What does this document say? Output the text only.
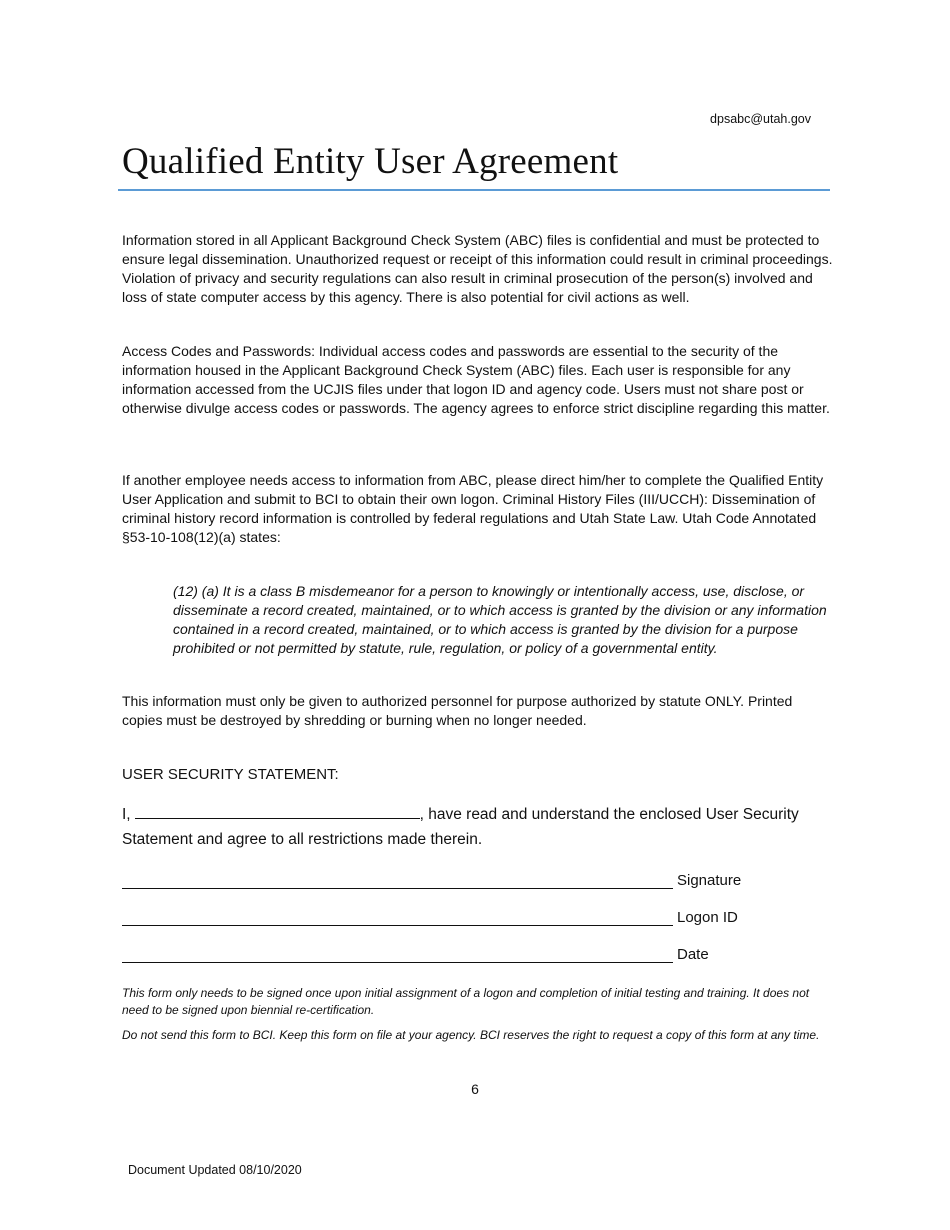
dpsabc@utah.gov
Qualified Entity User Agreement

Information stored in all Applicant Background Check System (ABC) files is confidential and must be protected to ensure legal dissemination. Unauthorized request or receipt of this information could result in criminal proceedings. Violation of privacy and security regulations can also result in criminal prosecution of the person(s) involved and loss of state computer access by this agency. There is also potential for civil actions as well.

Access Codes and Passwords: Individual access codes and passwords are essential to the security of the information housed in the Applicant Background Check System (ABC) files. Each user is responsible for any information accessed from the UCJIS files under that logon ID and agency code. Users must not share post or otherwise divulge access codes or passwords. The agency agrees to enforce strict discipline regarding this matter.

If another employee needs access to information from ABC, please direct him/her to complete the Qualified Entity User Application and submit to BCI to obtain their own logon. Criminal History Files (III/UCCH): Dissemination of criminal history record information is controlled by federal regulations and Utah State Law. Utah Code Annotated §53-10-108(12)(a) states:

(12) (a) It is a class B misdemeanor for a person to knowingly or intentionally access, use, disclose, or disseminate a record created, maintained, or to which access is granted by the division or any information contained in a record created, maintained, or to which access is granted by the division for a purpose prohibited or not permitted by statute, rule, regulation, or policy of a governmental entity.

This information must only be given to authorized personnel for purpose authorized by statute ONLY. Printed copies must be destroyed by shredding or burning when no longer needed.

USER SECURITY STATEMENT:
I,	, have read and understand the enclosed User Security
Statement and agree to all restrictions made therein.
Signature
Logon ID
Date

This form only needs to be signed once upon initial assignment of a logon and completion of initial testing and training. It does not need to be signed upon biennial re-certification.

Do not send this form to BCI. Keep this form on file at your agency. BCI reserves the right to request a copy of this form at any time.

6
Document Updated 08/10/2020
